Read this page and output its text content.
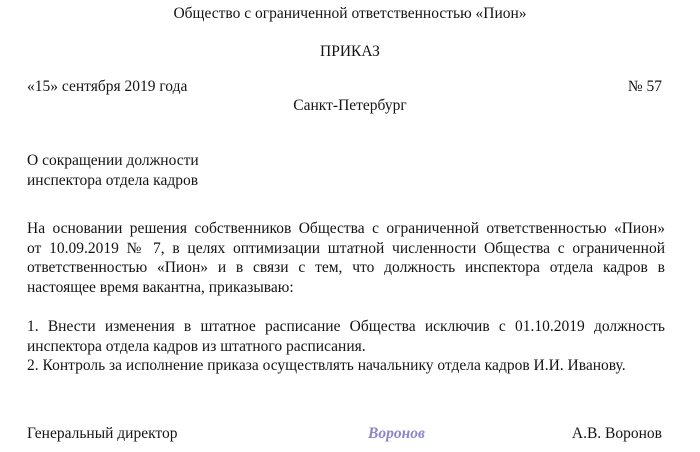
Общество с ограниченной ответственностью «Пион»
ПРИКАЗ
«15» сентября 2019 года	№ 57
Санкт-Петербург
О сокращении должности
инспектора отдела кадров
На основании решения собственников Общества с ограниченной ответственностью «Пион»
от 10.09.2019 № 7, в целях оптимизации штатной численности Общества с ограниченной
ответственностью «Пион» и в связи с тем, что должность инспектора отдела кадров в
настоящее время вакантна, приказываю:
1. Внести изменения в штатное расписание Общества исключив с 01.10.2019 должность
инспектора отдела кадров из штатного расписания.
2. Контроль за исполнение приказа осуществлять начальнику отдела кадров И.И. Иванову.
Генеральный директор	Воронов	А.В. Воронов
